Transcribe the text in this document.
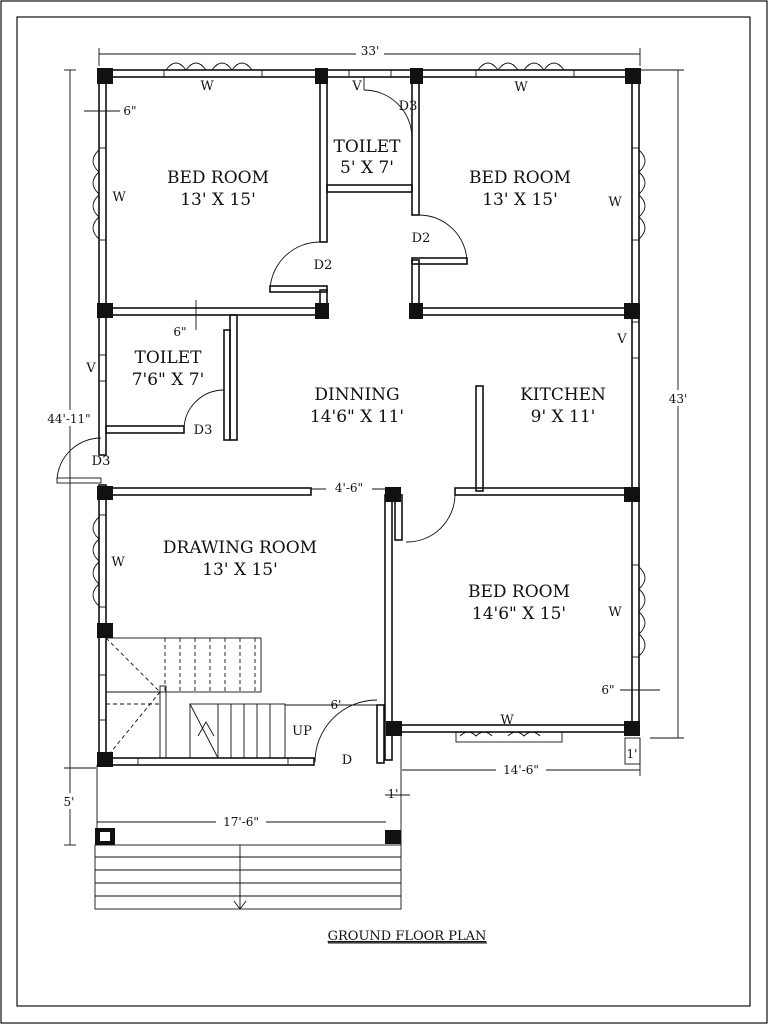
BED ROOM
13' X 15'
TOILET
5' X 7'	BED ROOM
13' X 15'
TOILET
7'6" X 7'
DINNING
14'6" X 11'
KITCHEN
9' X 11'
DRAWING ROOM
13' X 15'
BED ROOM
14'6" X 15'
W	W
V
D3
W	W
D2
D2
V
V
D3
D3
W
W
W
UP
D
33'
43'
44'-11"
6"
6"
4'-6"
6'
6"
5'
17'-6"
14'-6"
1'
1'
GROUND FLOOR PLAN
